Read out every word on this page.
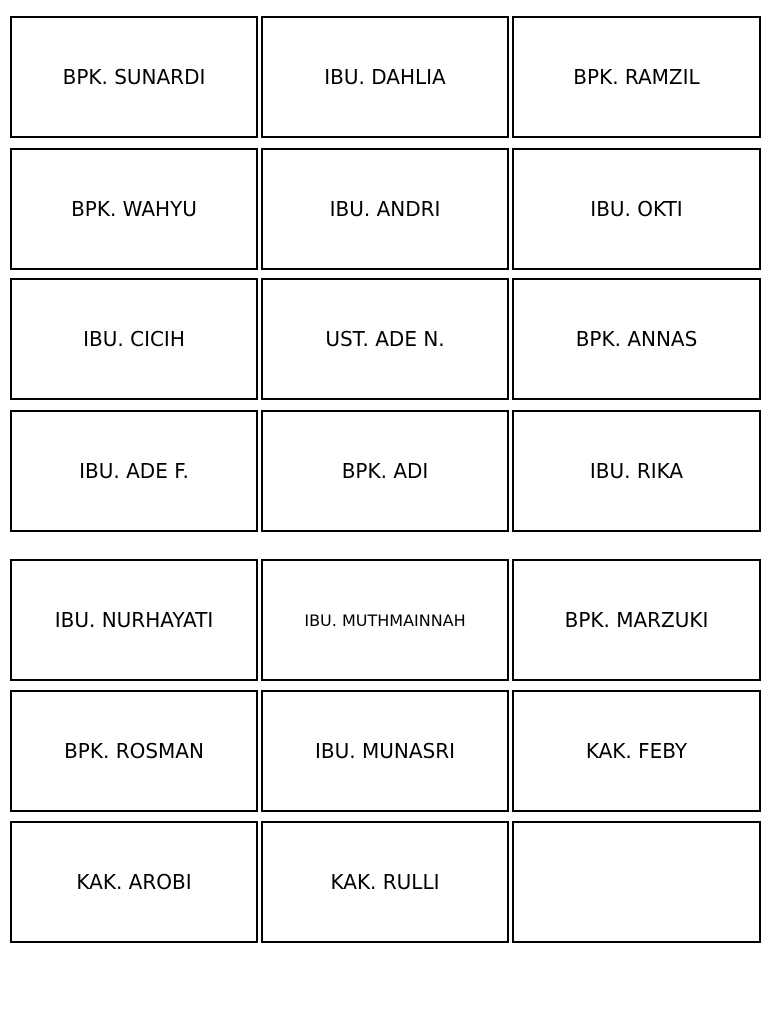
BPK. SUNARDI	IBU. DAHLIA	BPK. RAMZIL
BPK. WAHYU	IBU. ANDRI	IBU. OKTI
IBU. CICIH	UST. ADE N.	BPK. ANNAS
IBU. ADE F.	BPK. ADI	IBU. RIKA
IBU. NURHAYATI	IBU. MUTHMAINNAH	BPK. MARZUKI
BPK. ROSMAN	IBU. MUNASRI	KAK. FEBY
KAK. AROBI	KAK. RULLI
